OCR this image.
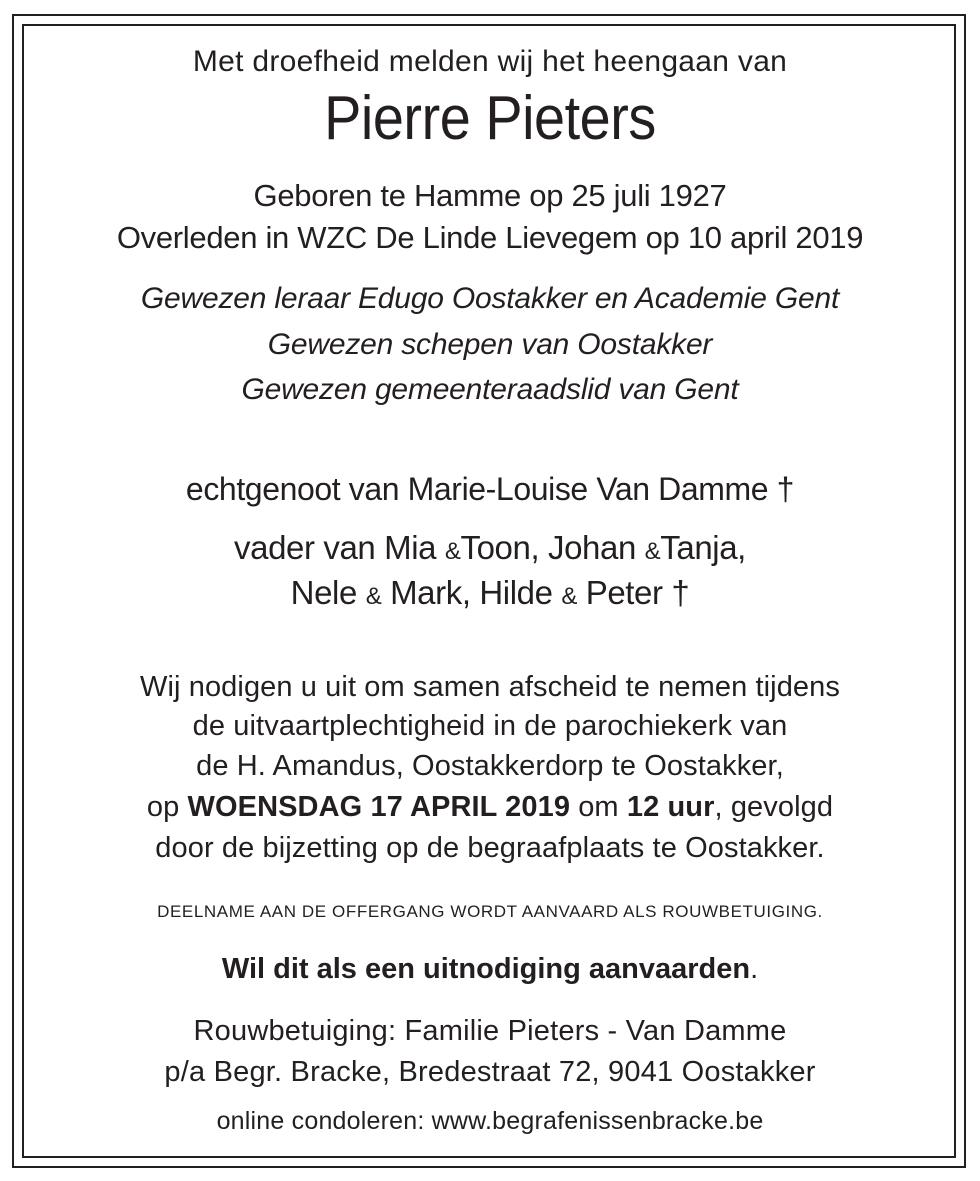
Met droefheid melden wij het heengaan van
Pierre Pieters
Geboren te Hamme op 25 juli 1927
Overleden in WZC De Linde Lievegem op 10 april 2019
Gewezen leraar Edugo Oostakker en Academie Gent
Gewezen schepen van Oostakker
Gewezen gemeenteraadslid van Gent
echtgenoot van Marie-Louise Van Damme †
vader van Mia &Toon, Johan &Tanja,
Nele & Mark, Hilde & Peter †
Wij nodigen u uit om samen afscheid te nemen tijdens
de uitvaartplechtigheid in de parochiekerk van
de H. Amandus, Oostakkerdorp te Oostakker,
op WOENSDAG 17 APRIL 2019 om 12 uur, gevolgd
door de bijzetting op de begraafplaats te Oostakker.
DEELNAME AAN DE OFFERGANG WORDT AANVAARD ALS ROUWBETUIGING.
Wil dit als een uitnodiging aanvaarden.
Rouwbetuiging: Familie Pieters - Van Damme
p/a Begr. Bracke, Bredestraat 72, 9041 Oostakker
online condoleren: www.begrafenissenbracke.be
